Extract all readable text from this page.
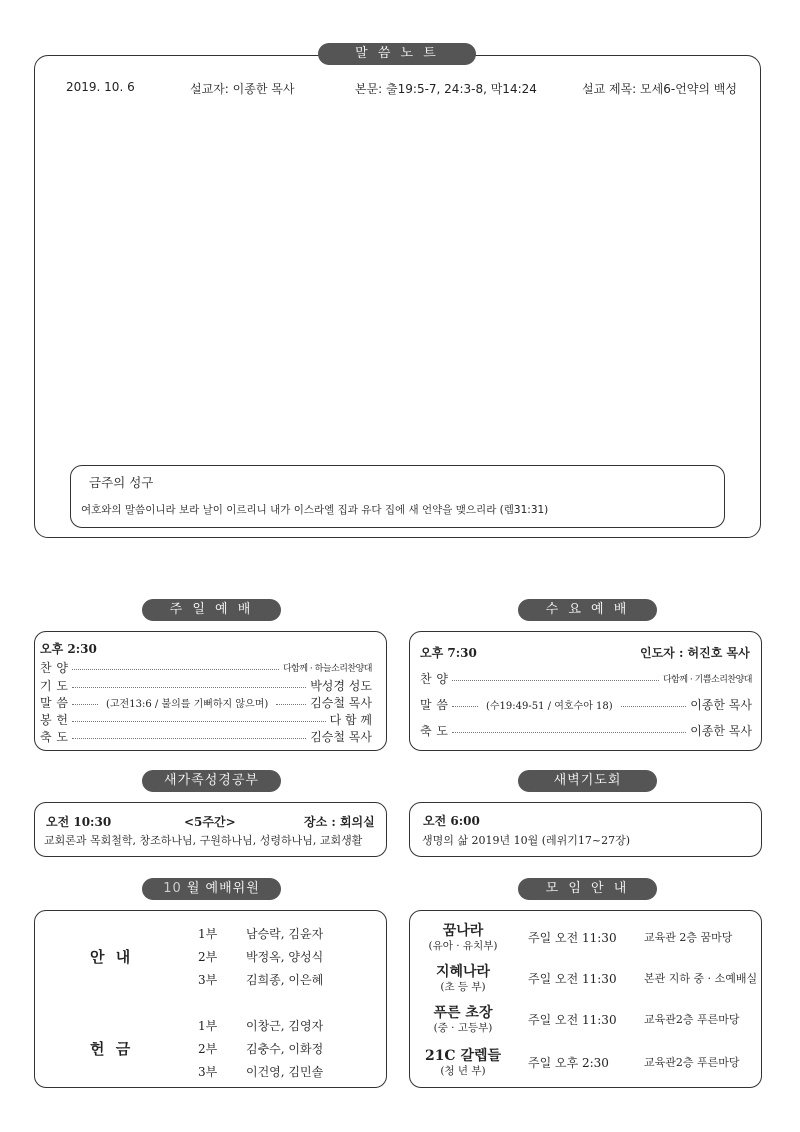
말 씀 노 트
2019. 10. 6	설교자: 이종한 목사	본문: 출19:5-7, 24:3-8, 막14:24	설교 제목: 모세6-언약의 백성
금주의 성구
여호와의 말씀이니라 보라 날이 이르리니 내가 이스라엘 집과 유다 집에 새 언약을 맺으리라 (렘31:31)
주 일 예 배
오후 2:30
찬 양	다함께 · 하늘소리찬양대
기 도	박성경 성도
말 씀	(고전13:6 / 불의를 기뻐하지 않으며)	김승철 목사
봉 헌	다 함 께
축 도	김승철 목사
수 요 예 배
오후 7:30	인도자 : 허진호 목사
찬 양	다함께 · 기쁨소리찬양대
말 씀	(수19:49-51 / 여호수아 18)	이종한 목사
축 도	이종한 목사
새가족성경공부
오전 10:30	<5주간>	장소 : 회의실
교회론과 목회철학, 창조하나님, 구원하나님, 성령하나님, 교회생활
새벽기도회
오전 6:00
생명의 삶 2019년 10월 (레위기17~27장)
10 월 예배위원
안 내
1부 남승락, 김윤자
2부 박정옥, 양성식
3부 김희종, 이은혜
헌 금
1부 이창근, 김영자
2부 김충수, 이화정
3부 이건영, 김민솔
모 임 안 내
꿈나라
(유아 · 유치부)
주일 오전 11:30 교육관 2층 꿈마당
지혜나라
(초 등 부)
주일 오전 11:30 본관 지하 중 · 소예배실
푸른 초장
(중 · 고등부)
주일 오전 11:30 교육관2층 푸른마당
21C 갈렙들
(청 년 부)
주일 오후 2:30	교육관2층 푸른마당
